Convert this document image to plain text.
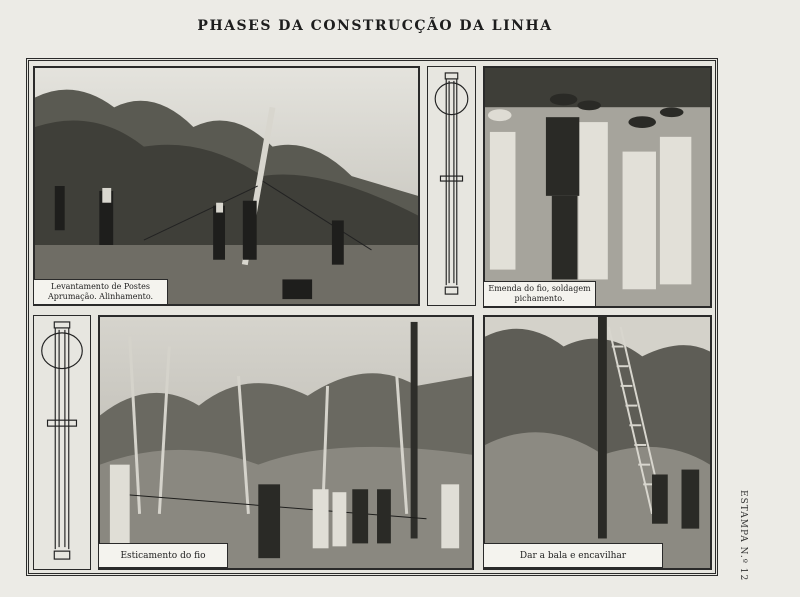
PHASES DA CONSTRUCÇÃO DA LINHA
Levantamento de Postes
Aprumação. Alinhamento.
Emenda do fio, soldagem
pichamento.
Esticamento do fio	Dar a bala e encavilhar	ESTAMPA N.º 12
